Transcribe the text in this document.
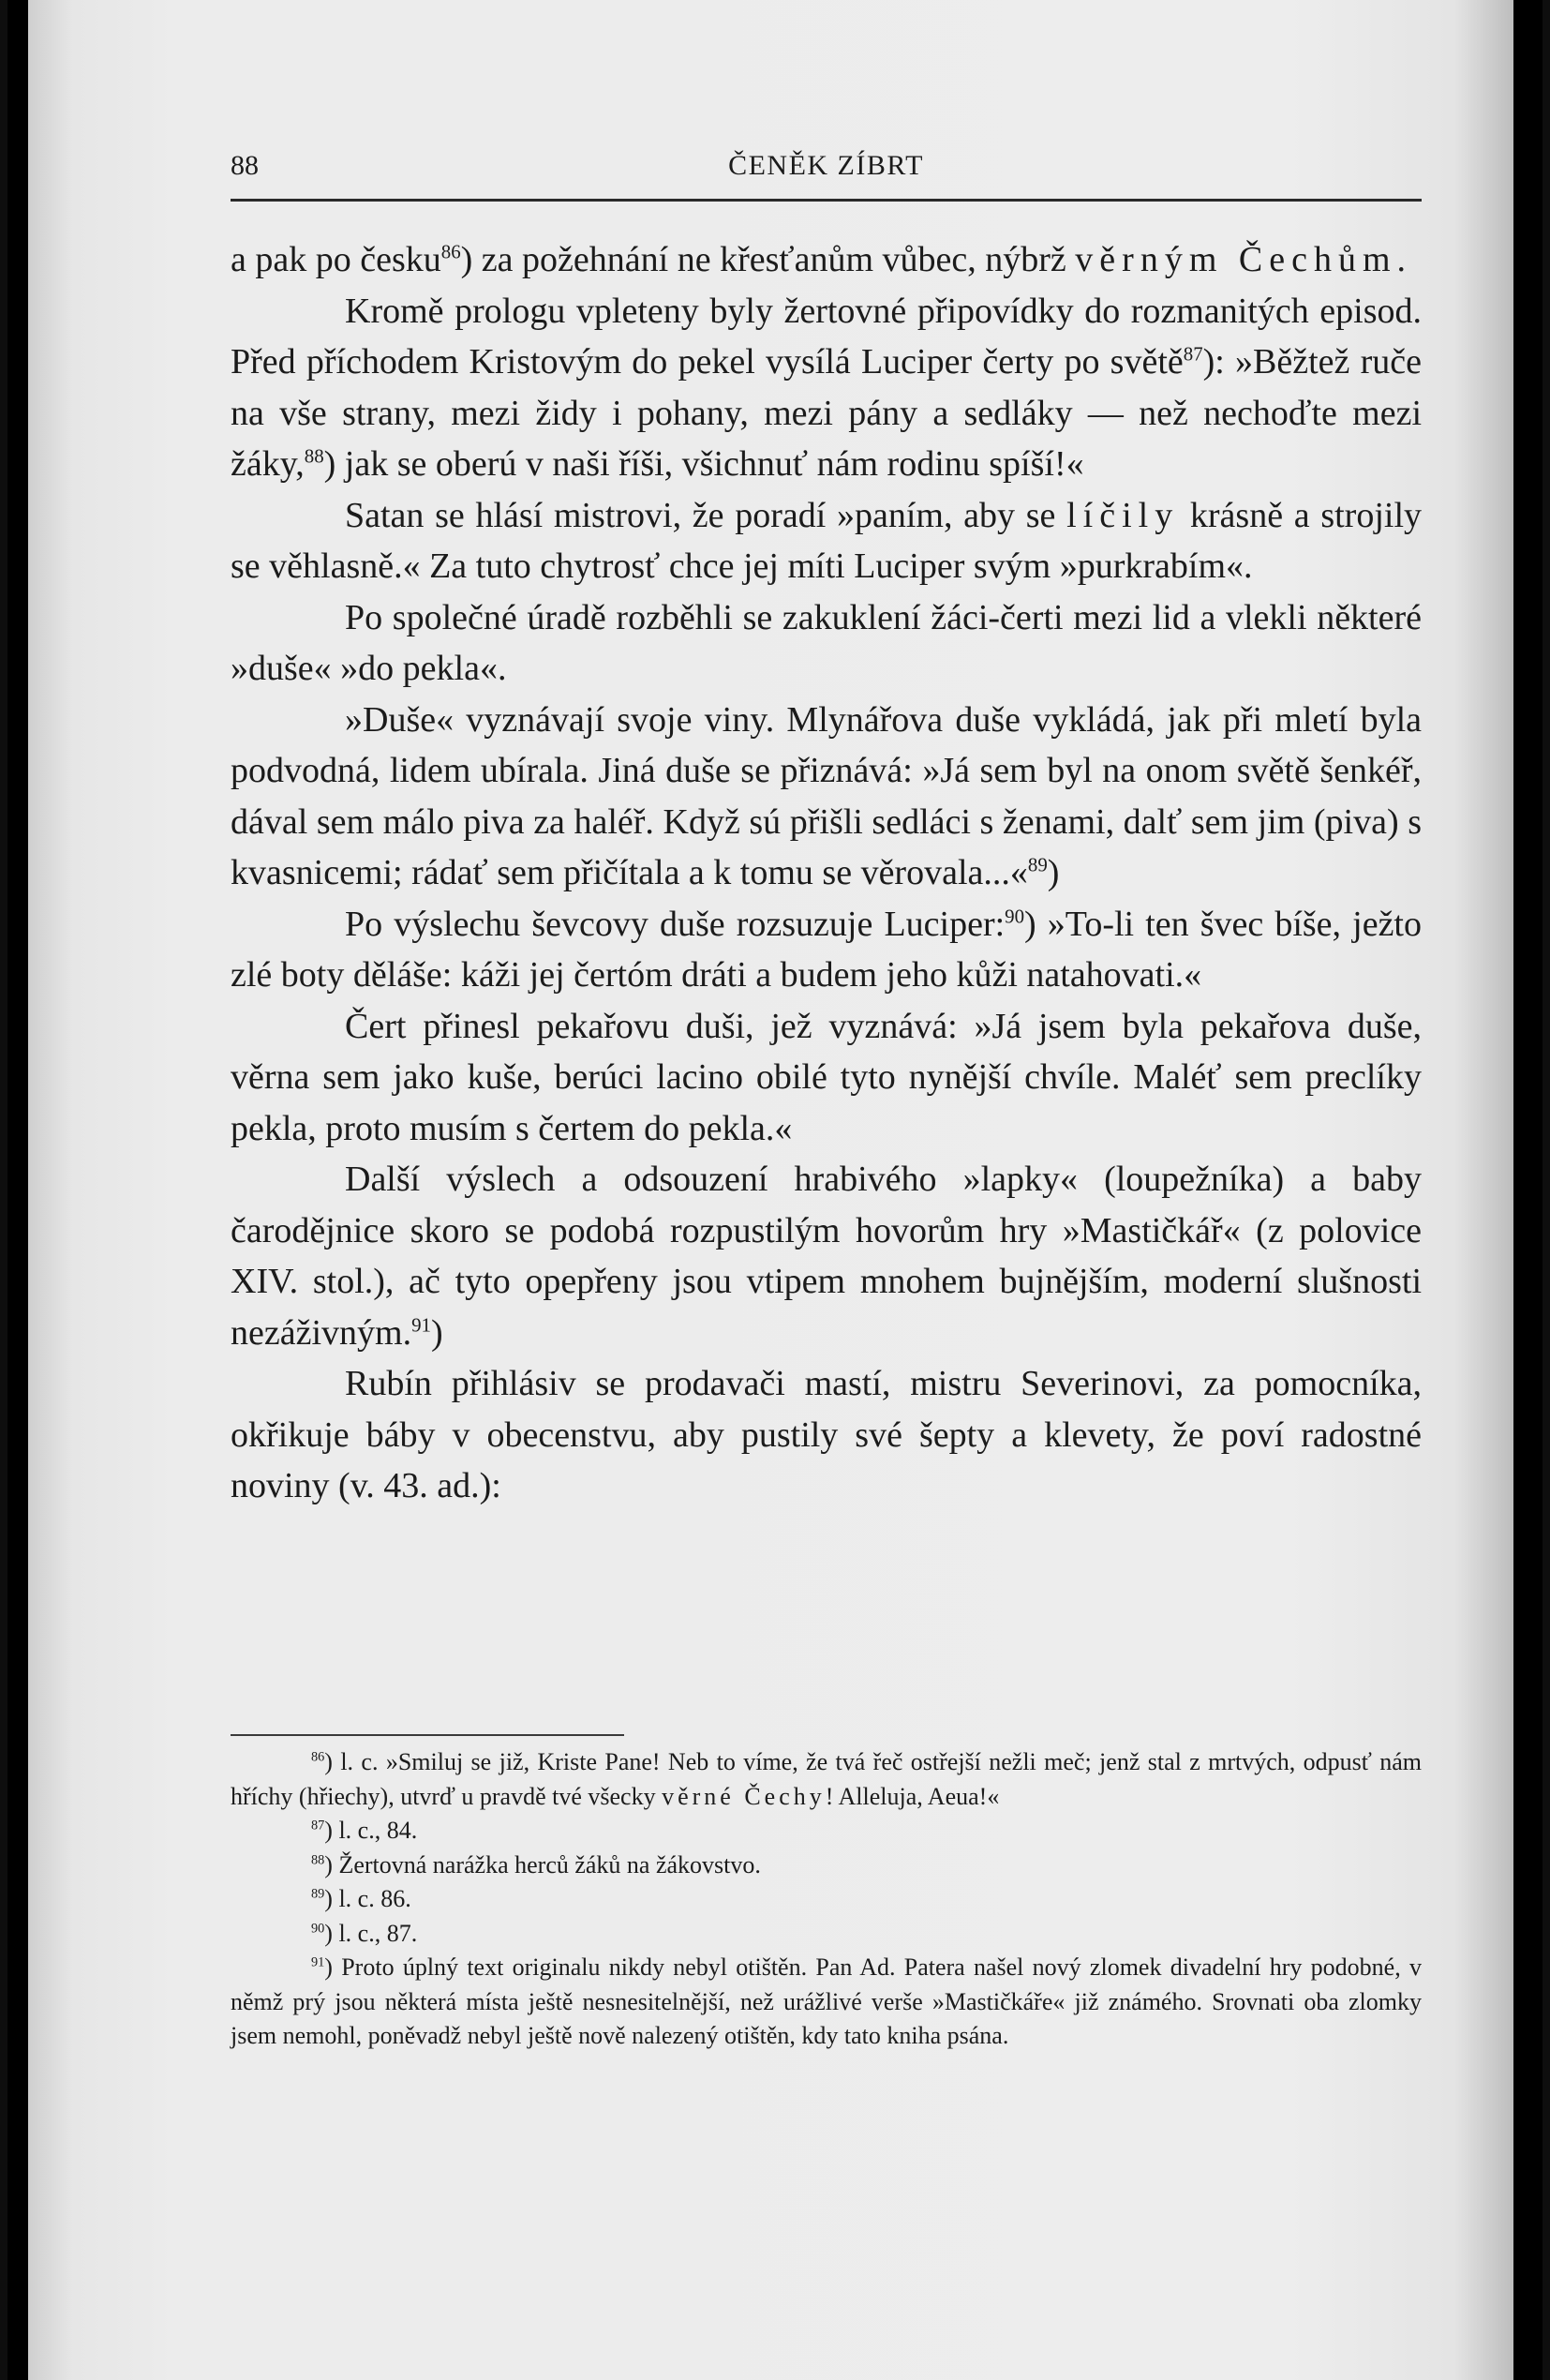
88	ČENĚK ZÍBRT

a pak po česku$^{86}$) za požehnání ne křesťanům vůbec, nýbrž věrným Čechům.

Kromě prologu vpleteny byly žertovné připovídky do rozmanitých episod. Před příchodem Kristovým do pekel vysílá Luciper čerty po světě$^{87}$): »Běžtež ruče na vše strany, mezi židy i pohany, mezi pány a sedláky — než nechoďte mezi žáky,$^{88}$) jak se oberú v naši říši, všichnuť nám rodinu spíší!«

Satan se hlásí mistrovi, že poradí »paním, aby se líčily krásně a strojily se věhlasně.« Za tuto chytrosť chce jej míti Luciper svým »purkrabím«.

Po společné úradě rozběhli se zakuklení žáci-čerti mezi lid a vlekli některé »duše« »do pekla«.

»Duše« vyznávají svoje viny. Mlynářova duše vykládá, jak při mletí byla podvodná, lidem ubírala. Jiná duše se přiznává: »Já sem byl na onom světě šenkéř, dával sem málo piva za haléř. Když sú přišli sedláci s ženami, dalť sem jim (piva) s kvasnicemi; rádať sem přičítala a k tomu se věrovala...«$^{89}$)

Po výslechu ševcovy duše rozsuzuje Luciper:$^{90}$) »To-li ten švec bíše, ježto zlé boty děláše: káži jej čertóm dráti a budem jeho kůži natahovati.«

Čert přinesl pekařovu duši, jež vyznává: »Já jsem byla pekařova duše, věrna sem jako kuše, berúci lacino obilé tyto nynější chvíle. Maléť sem preclíky pekla, proto musím s čertem do pekla.«

Další výslech a odsouzení hrabivého »lapky« (loupežníka) a baby čarodějnice skoro se podobá rozpustilým hovorům hry »Mastičkář« (z polovice XIV. stol.), ač tyto opepřeny jsou vtipem mnohem bujnějším, moderní slušnosti nezáživným.$^{91}$)

Rubín přihlásiv se prodavači mastí, mistru Severinovi, za pomocníka, okřikuje báby v obecenstvu, aby pustily své šepty a klevety, že poví radostné noviny (v. 43. ad.):

$^{86}$) l. c. »Smiluj se již, Kriste Pane! Neb to víme, že tvá řeč ostřejší nežli meč; jenž stal z mrtvých, odpusť nám hříchy (hřiechy), utvrď u pravdě tvé všecky věrné Čechy! Alleluja, Aeua!«

$^{87}$) l. c., 84.

$^{88}$) Žertovná narážka herců žáků na žákovstvo.

$^{89}$) l. c. 86.

$^{90}$) l. c., 87.

$^{91}$) Proto úplný text originalu nikdy nebyl otištěn. Pan Ad. Patera našel nový zlomek divadelní hry podobné, v němž prý jsou některá místa ještě nesnesitelnější, než urážlivé verše »Mastičkáře« již známého. Srovnati oba zlomky jsem nemohl, poněvadž nebyl ještě nově nalezený otištěn, kdy tato kniha psána.
